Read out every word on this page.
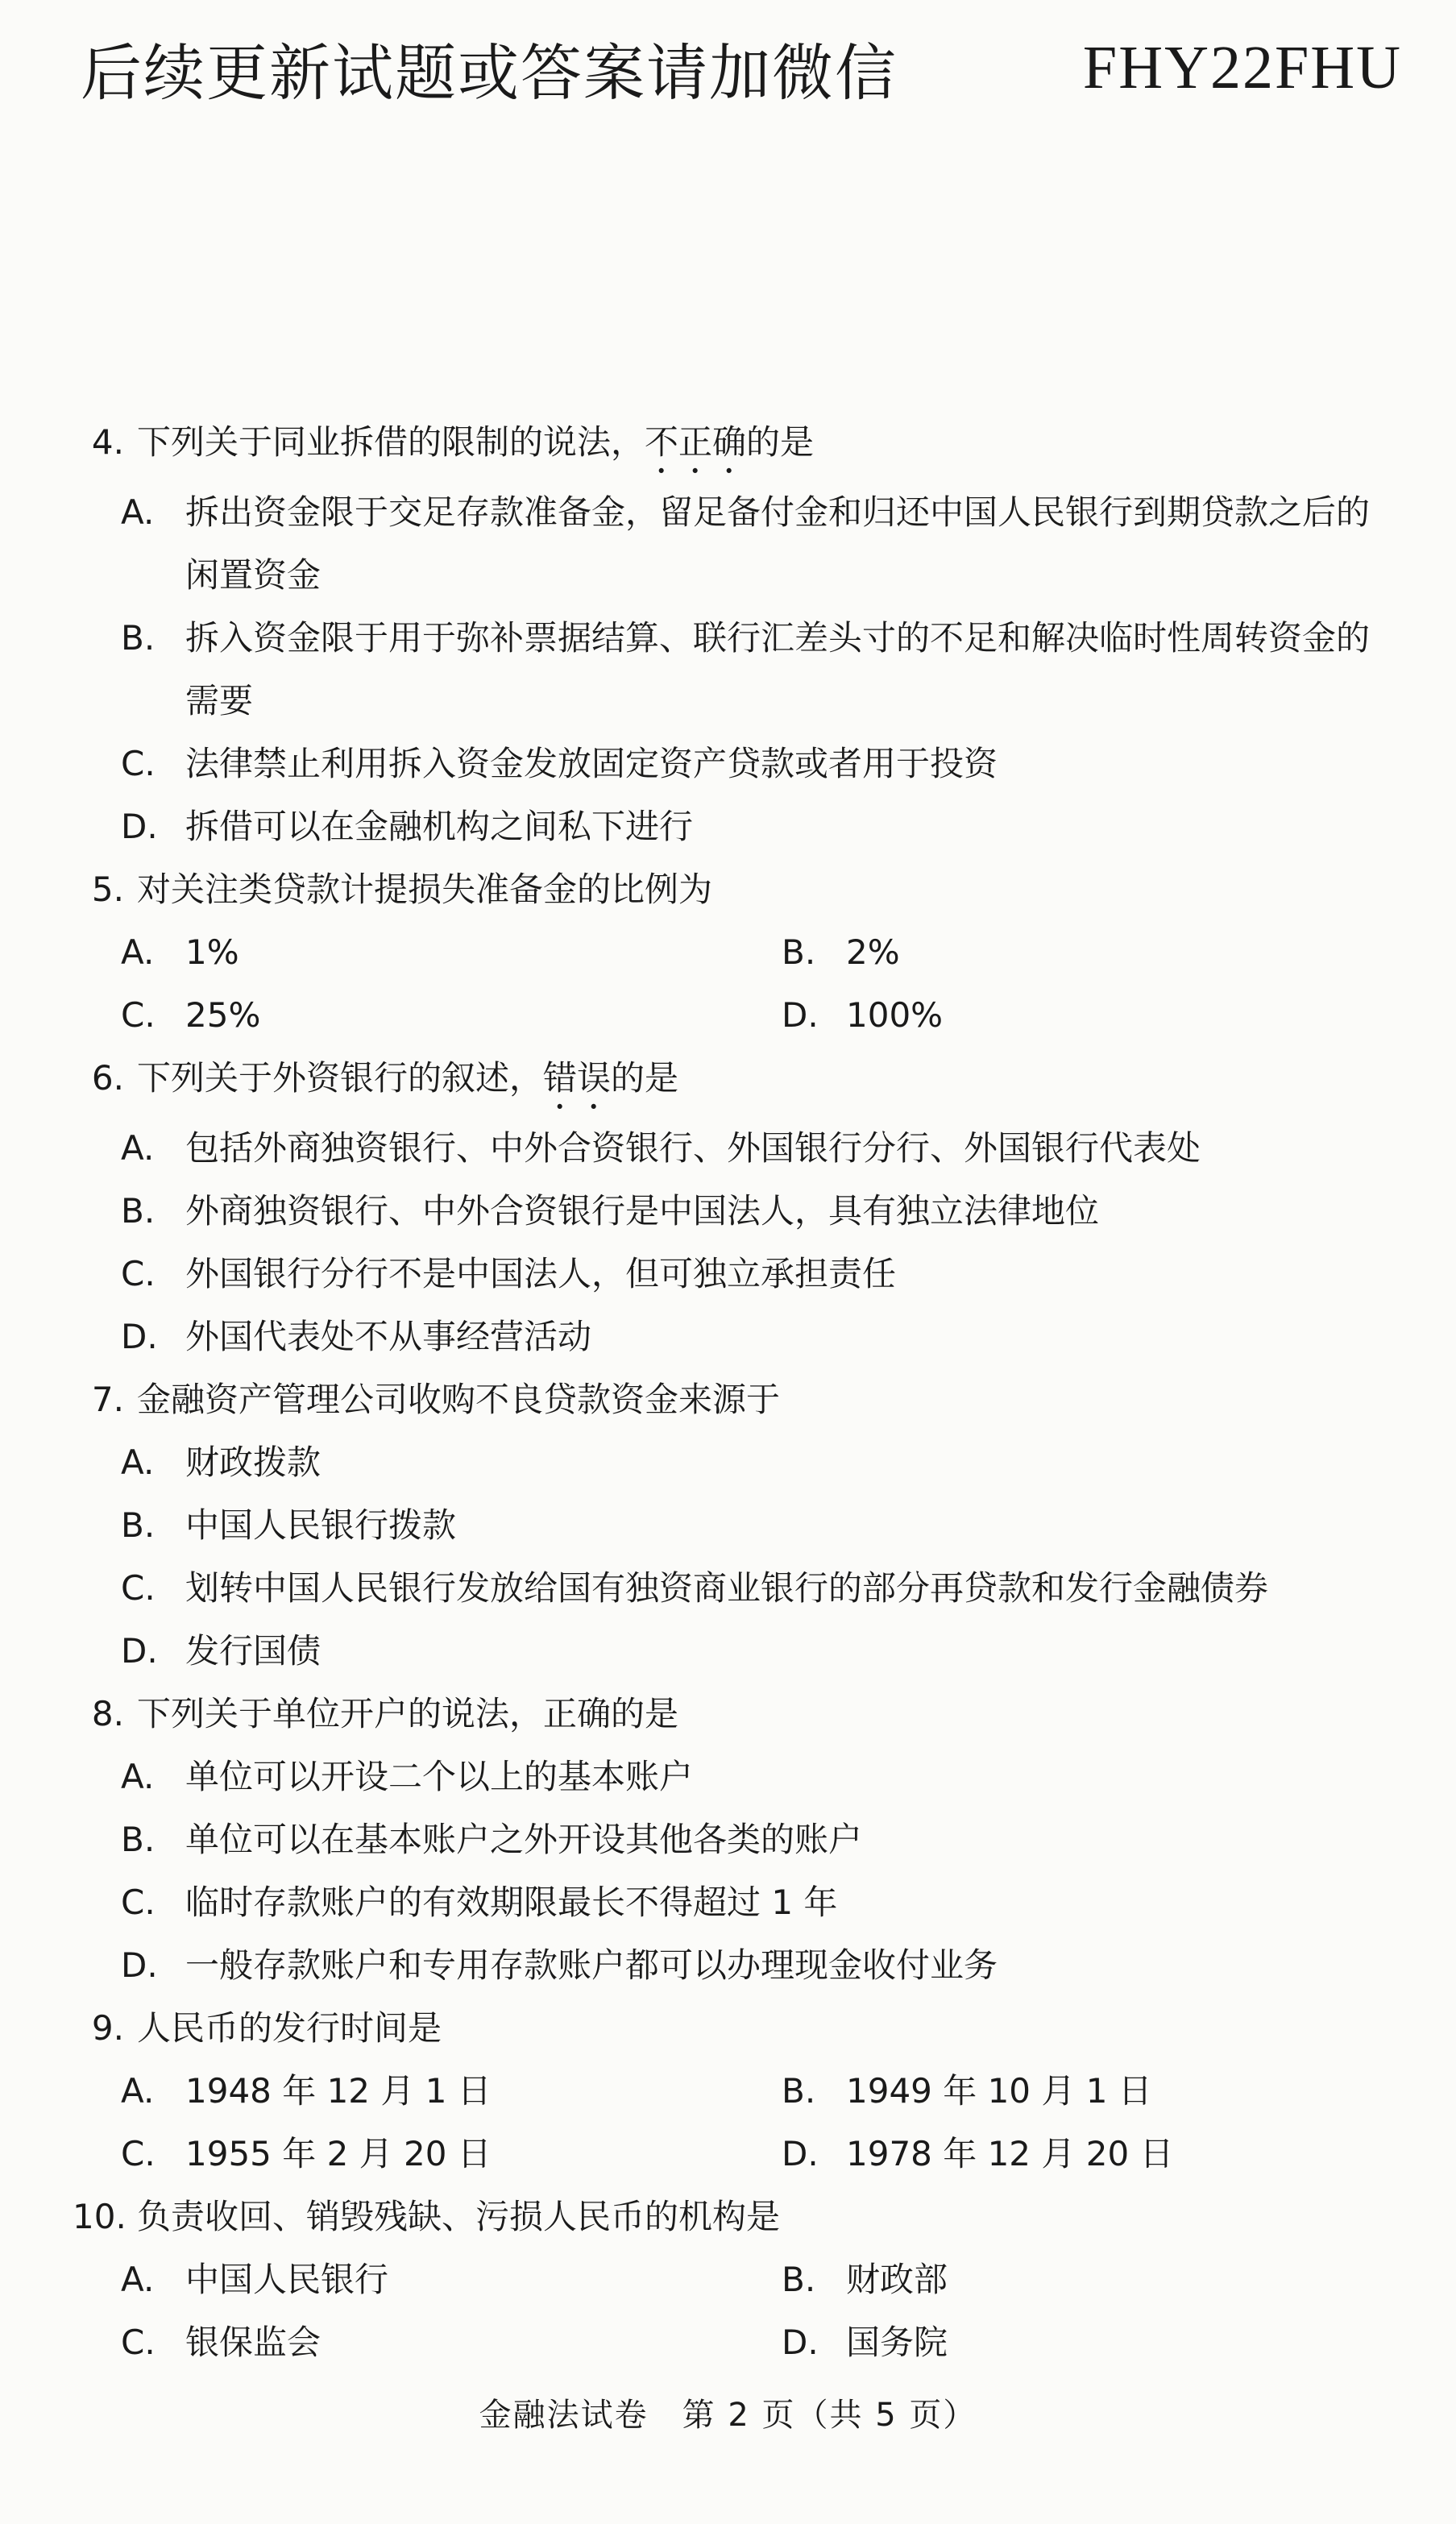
后续更新试题或答案请加微信	FHY22FHU
4. 下列关于同业拆借的限制的说法，不正确的是
A. 拆出资金限于交足存款准备金，留足备付金和归还中国人民银行到期贷款之后的
闲置资金
B. 拆入资金限于用于弥补票据结算、联行汇差头寸的不足和解决临时性周转资金的
需要
C. 法律禁止利用拆入资金发放固定资产贷款或者用于投资
D. 拆借可以在金融机构之间私下进行
5. 对关注类贷款计提损失准备金的比例为
A. 1%	B. 2%
C. 25%	D. 100%
6. 下列关于外资银行的叙述，错误的是
A. 包括外商独资银行、中外合资银行、外国银行分行、外国银行代表处
B. 外商独资银行、中外合资银行是中国法人，具有独立法律地位
C. 外国银行分行不是中国法人，但可独立承担责任
D. 外国代表处不从事经营活动
7. 金融资产管理公司收购不良贷款资金来源于
A. 财政拨款
B. 中国人民银行拨款
C. 划转中国人民银行发放给国有独资商业银行的部分再贷款和发行金融债券
D. 发行国债
8. 下列关于单位开户的说法，正确的是
A. 单位可以开设二个以上的基本账户
B. 单位可以在基本账户之外开设其他各类的账户
C. 临时存款账户的有效期限最长不得超过 1 年
D. 一般存款账户和专用存款账户都可以办理现金收付业务
9. 人民币的发行时间是
A. 1948 年 12 月 1 日	B. 1949 年 10 月 1 日
C. 1955 年 2 月 20 日	D. 1978 年 12 月 20 日
10. 负责收回、销毁残缺、污损人民币的机构是
A. 中国人民银行	B. 财政部
C. 银保监会	D. 国务院
金融法试卷　第 2 页（共 5 页）
